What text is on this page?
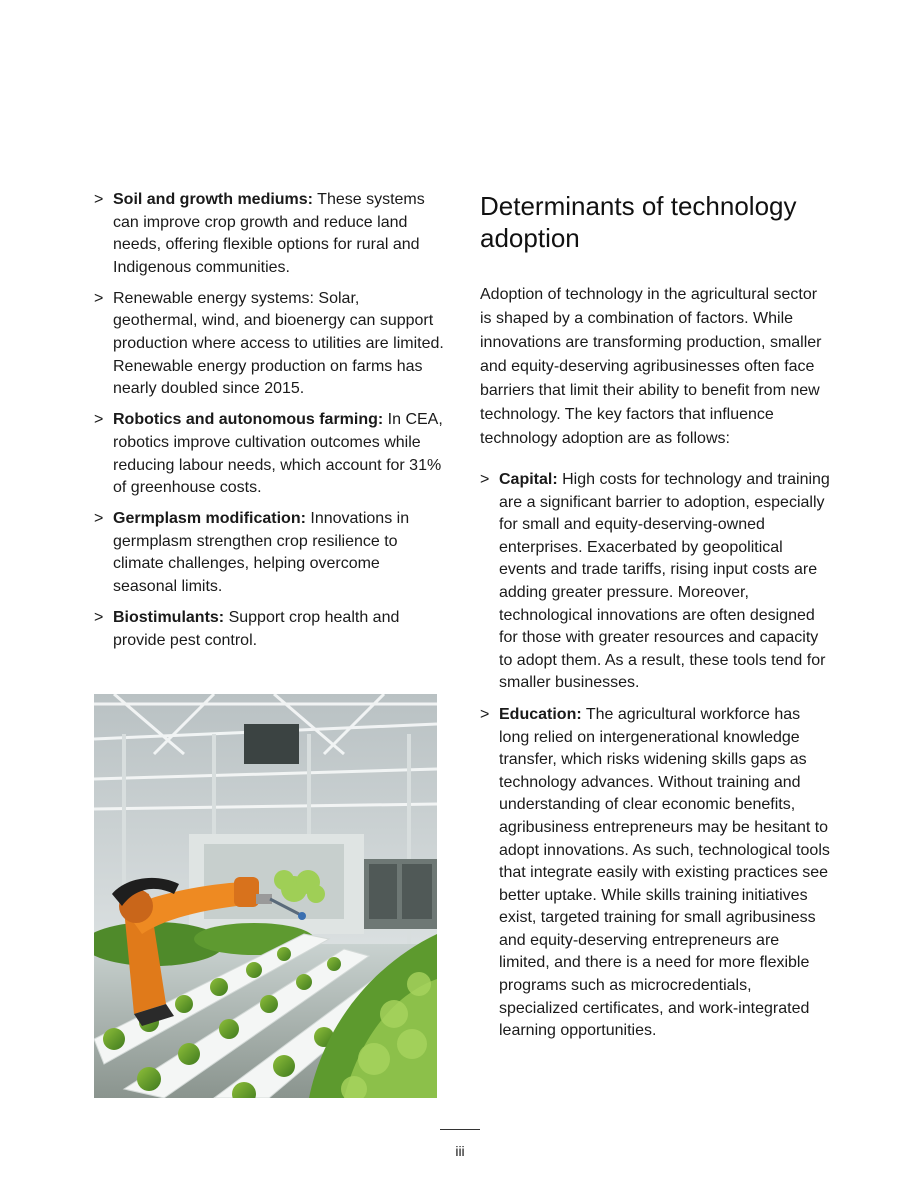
> Soil and growth mediums: These systems can improve crop growth and reduce land needs, offering flexible options for rural and Indigenous communities.
> Renewable energy systems: Solar, geothermal, wind, and bioenergy can support production where access to utilities are limited. Renewable energy production on farms has nearly doubled since 2015.
> Robotics and autonomous farming: In CEA, robotics improve cultivation outcomes while reducing labour needs, which account for 31% of greenhouse costs.
> Germplasm modification: Innovations in germplasm strengthen crop resilience to climate challenges, helping overcome seasonal limits.
> Biostimulants: Support crop health and provide pest control.
Determinants of technology adoption

Adoption of technology in the agricultural sector is shaped by a combination of factors. While innovations are transforming production, smaller and equity-deserving agribusinesses often face barriers that limit their ability to benefit from new technology. The key factors that influence technology adoption are as follows:

> Capital: High costs for technology and training are a significant barrier to adoption, especially for small and equity-deserving-owned enterprises. Exacerbated by geopolitical events and trade tariffs, rising input costs are adding greater pressure. Moreover, technological innovations are often designed for those with greater resources and capacity to adopt them. As a result, these tools tend for smaller businesses.
> Education: The agricultural workforce has long relied on intergenerational knowledge transfer, which risks widening skills gaps as technology advances. Without training and understanding of clear economic benefits, agribusiness entrepreneurs may be hesitant to adopt innovations. As such, technological tools that integrate easily with existing practices see better uptake. While skills training initiatives exist, targeted training for small agribusiness and equity-deserving entrepreneurs are limited, and there is a need for more flexible programs such as microcredentials, specialized certificates, and work-integrated learning opportunities.
iii
